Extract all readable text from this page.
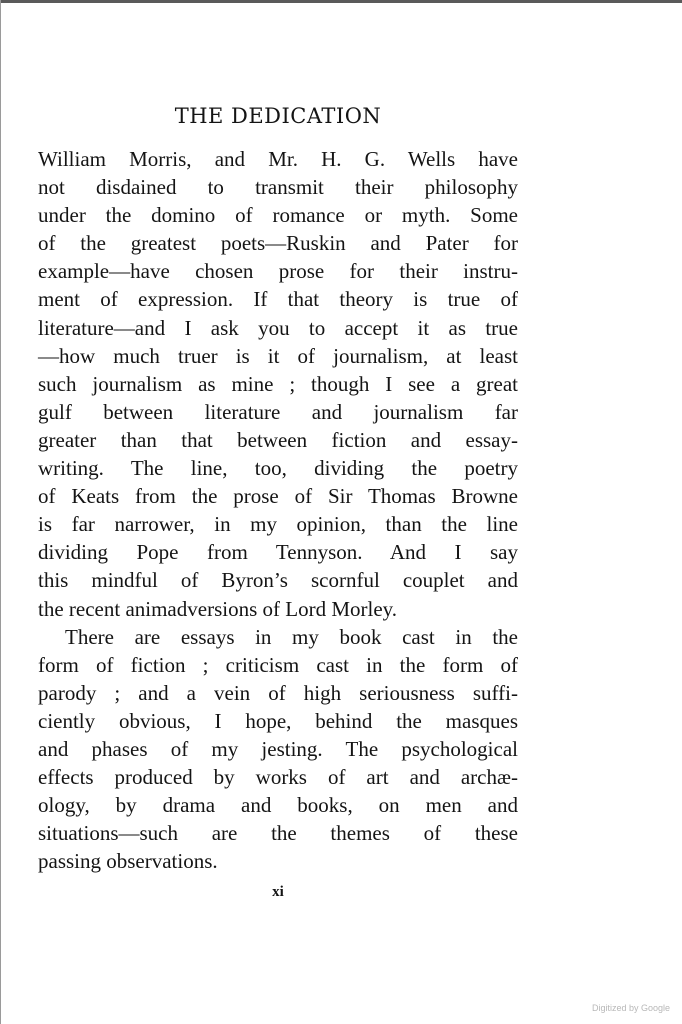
THE DEDICATION
William Morris, and Mr. H. G. Wells have
not disdained to transmit their philosophy
under the domino of romance or myth. Some
of the greatest poets—Ruskin and Pater for
example—have chosen prose for their instru-
ment of expression. If that theory is true of
literature—and I ask you to accept it as true
—how much truer is it of journalism, at least
such journalism as mine ; though I see a great
gulf between literature and journalism far
greater than that between fiction and essay-
writing. The line, too, dividing the poetry
of Keats from the prose of Sir Thomas Browne
is far narrower, in my opinion, than the line
dividing Pope from Tennyson. And I say
this mindful of Byron’s scornful couplet and
the recent animadversions of Lord Morley.
There are essays in my book cast in the
form of fiction ; criticism cast in the form of
parody ; and a vein of high seriousness suffi-
ciently obvious, I hope, behind the masques
and phases of my jesting. The psychological
effects produced by works of art and archæ-
ology, by drama and books, on men and
situations—such are the themes of these
passing observations.
xi
Digitized by Google
